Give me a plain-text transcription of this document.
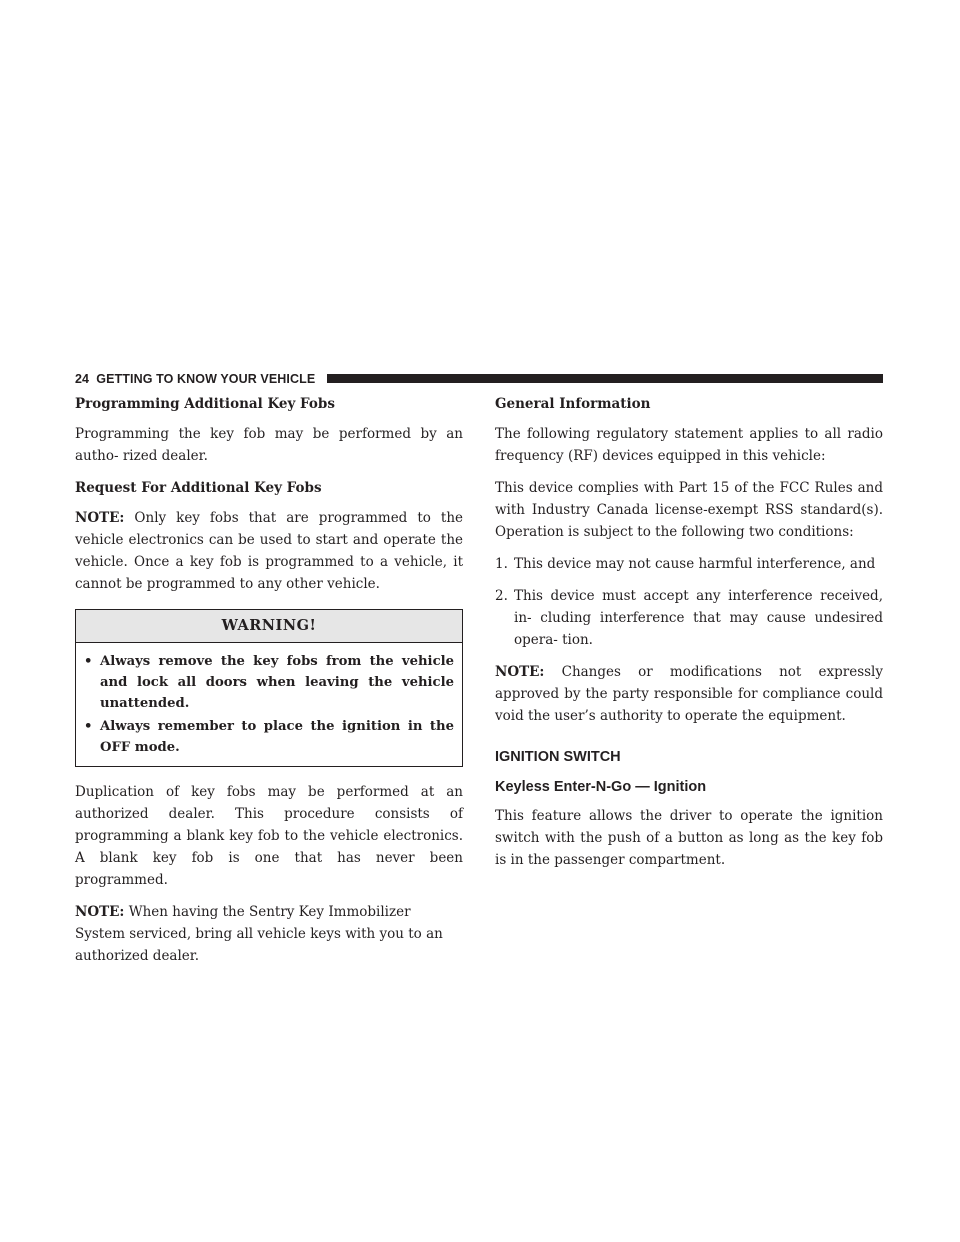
24 GETTING TO KNOW YOUR VEHICLE
Programming Additional Key Fobs

Programming the key fob may be performed by an autho- rized dealer.

Request For Additional Key Fobs

NOTE: Only key fobs that are programmed to the vehicle electronics can be used to start and operate the vehicle. Once a key fob is programmed to a vehicle, it cannot be programmed to any other vehicle.

WARNING!
• Always remove the key fobs from the vehicle and lock all doors when leaving the vehicle unattended.
• Always remember to place the ignition in the OFF mode.

Duplication of key fobs may be performed at an authorized dealer. This procedure consists of programming a blank key fob to the vehicle electronics. A blank key fob is one that has never been programmed.

NOTE: When having the Sentry Key Immobilizer System serviced, bring all vehicle keys with you to an authorized dealer.

General Information

The following regulatory statement applies to all radio frequency (RF) devices equipped in this vehicle:

This device complies with Part 15 of the FCC Rules and with Industry Canada license-exempt RSS standard(s). Operation is subject to the following two conditions:

1. This device may not cause harmful interference, and
2. This device must accept any interference received, in- cluding interference that may cause undesired opera- tion.

NOTE: Changes or modifications not expressly approved by the party responsible for compliance could void the user’s authority to operate the equipment.

IGNITION SWITCH
Keyless Enter-N-Go — Ignition

This feature allows the driver to operate the ignition switch with the push of a button as long as the key fob is in the passenger compartment.
